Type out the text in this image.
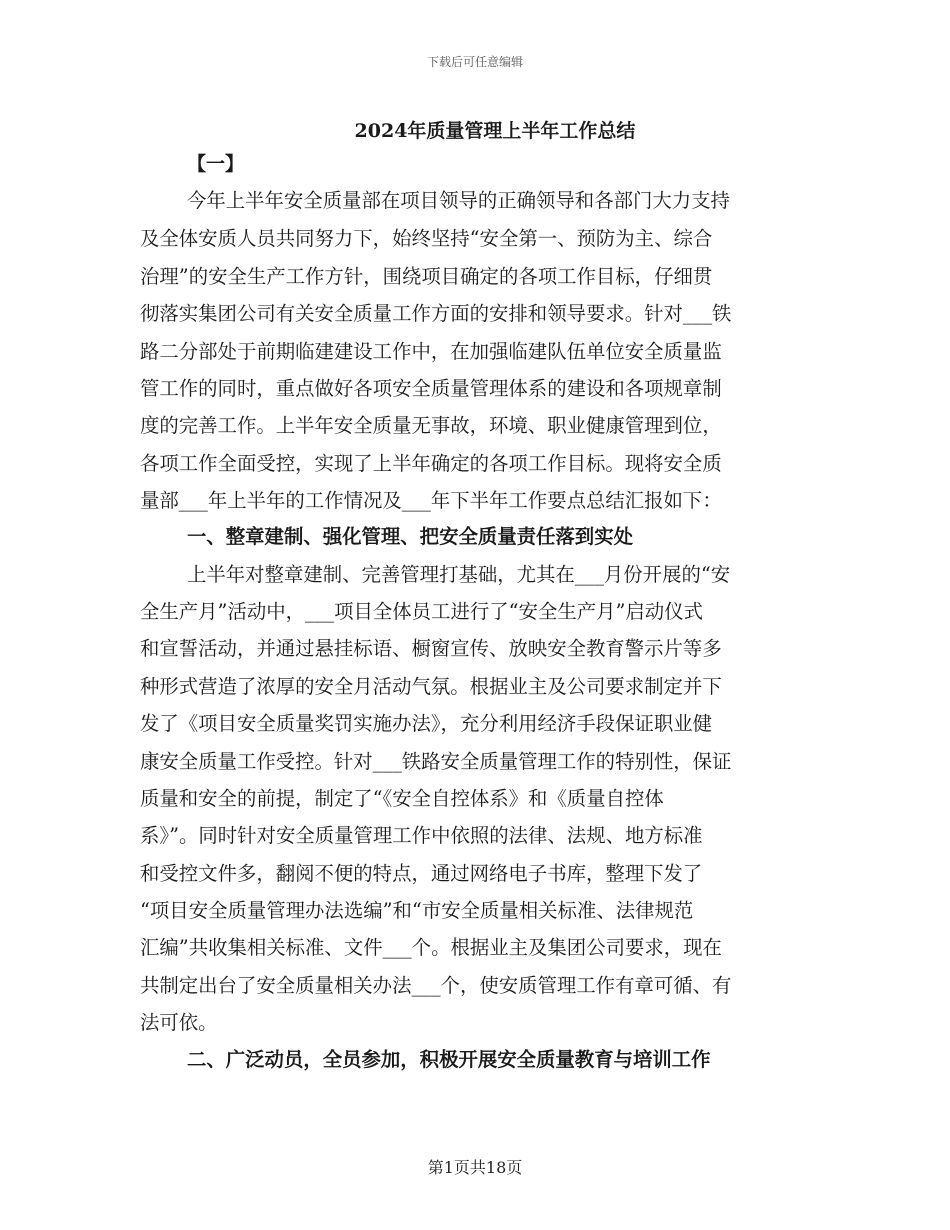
下载后可任意编辑
2024年质量管理上半年工作总结
【一】
今年上半年安全质量部在项目领导的正确领导和各部门大力支持
及全体安质人员共同努力下，始终坚持“安全第一、预防为主、综合
治理”的安全生产工作方针，围绕项目确定的各项工作目标，仔细贯
彻落实集团公司有关安全质量工作方面的安排和领导要求。针对___铁
路二分部处于前期临建建设工作中，在加强临建队伍单位安全质量监
管工作的同时，重点做好各项安全质量管理体系的建设和各项规章制
度的完善工作。上半年安全质量无事故，环境、职业健康管理到位，
各项工作全面受控，实现了上半年确定的各项工作目标。现将安全质
量部___年上半年的工作情况及___年下半年工作要点总结汇报如下：
一、整章建制、强化管理、把安全质量责任落到实处
上半年对整章建制、完善管理打基础，尤其在___月份开展的“安
全生产月”活动中，___项目全体员工进行了“安全生产月”启动仪式
和宣誓活动，并通过悬挂标语、橱窗宣传、放映安全教育警示片等多
种形式营造了浓厚的安全月活动气氛。根据业主及公司要求制定并下
发了《项目安全质量奖罚实施办法》，充分利用经济手段保证职业健
康安全质量工作受控。针对___铁路安全质量管理工作的特别性，保证
质量和安全的前提，制定了“《安全自控体系》和《质量自控体
系》”。同时针对安全质量管理工作中依照的法律、法规、地方标准
和受控文件多，翻阅不便的特点，通过网络电子书库，整理下发了
“项目安全质量管理办法选编”和“市安全质量相关标准、法律规范
汇编”共收集相关标准、文件___个。根据业主及集团公司要求，现在
共制定出台了安全质量相关办法___个，使安质管理工作有章可循、有
法可依。
二、广泛动员，全员参加，积极开展安全质量教育与培训工作
第1页共18页
